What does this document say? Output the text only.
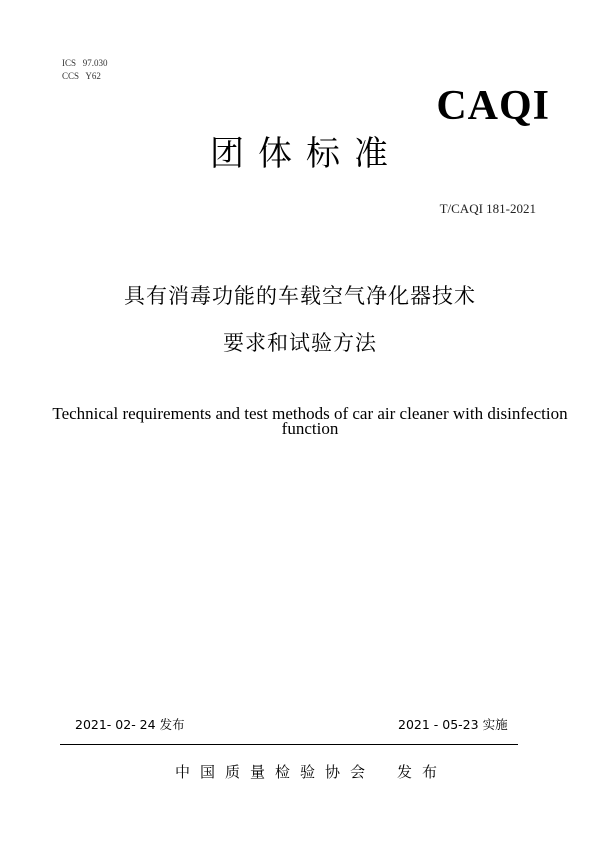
ICS   97.030
CCS   Y62
CAQI
团体标准
T/CAQI 181-2021
具有消毒功能的车载空气净化器技术
要求和试验方法
Technical requirements and test methods of car air cleaner with disinfection function
2021- 02- 24 发布	2021 - 05-23 实施
中国质量检验协会 发布
